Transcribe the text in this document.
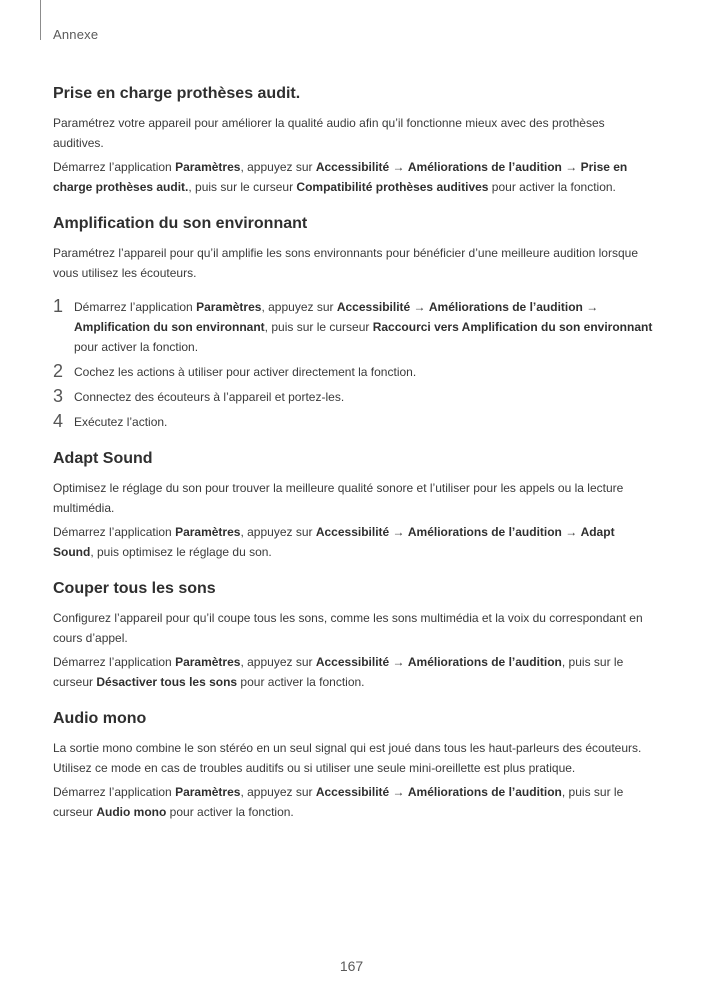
Annexe
Prise en charge prothèses audit.

Paramétrez votre appareil pour améliorer la qualité audio afin qu’il fonctionne mieux avec des prothèses auditives.

Démarrez l’application Paramètres, appuyez sur Accessibilité → Améliorations de l’audition → Prise en charge prothèses audit., puis sur le curseur Compatibilité prothèses auditives pour activer la fonction.

Amplification du son environnant

Paramétrez l’appareil pour qu’il amplifie les sons environnants pour bénéficier d’une meilleure audition lorsque vous utilisez les écouteurs.

1 Démarrez l’application Paramètres, appuyez sur Accessibilité → Améliorations de l’audition → Amplification du son environnant, puis sur le curseur Raccourci vers Amplification du son environnant pour activer la fonction.
2 Cochez les actions à utiliser pour activer directement la fonction.
3 Connectez des écouteurs à l’appareil et portez-les.
4 Exécutez l’action.
Adapt Sound

Optimisez le réglage du son pour trouver la meilleure qualité sonore et l’utiliser pour les appels ou la lecture multimédia.

Démarrez l’application Paramètres, appuyez sur Accessibilité → Améliorations de l’audition → Adapt Sound, puis optimisez le réglage du son.

Couper tous les sons

Configurez l’appareil pour qu’il coupe tous les sons, comme les sons multimédia et la voix du correspondant en cours d’appel.

Démarrez l’application Paramètres, appuyez sur Accessibilité → Améliorations de l’audition, puis sur le curseur Désactiver tous les sons pour activer la fonction.

Audio mono

La sortie mono combine le son stéréo en un seul signal qui est joué dans tous les haut-parleurs des écouteurs. Utilisez ce mode en cas de troubles auditifs ou si utiliser une seule mini-oreillette est plus pratique.

Démarrez l’application Paramètres, appuyez sur Accessibilité → Améliorations de l’audition, puis sur le curseur Audio mono pour activer la fonction.

167
